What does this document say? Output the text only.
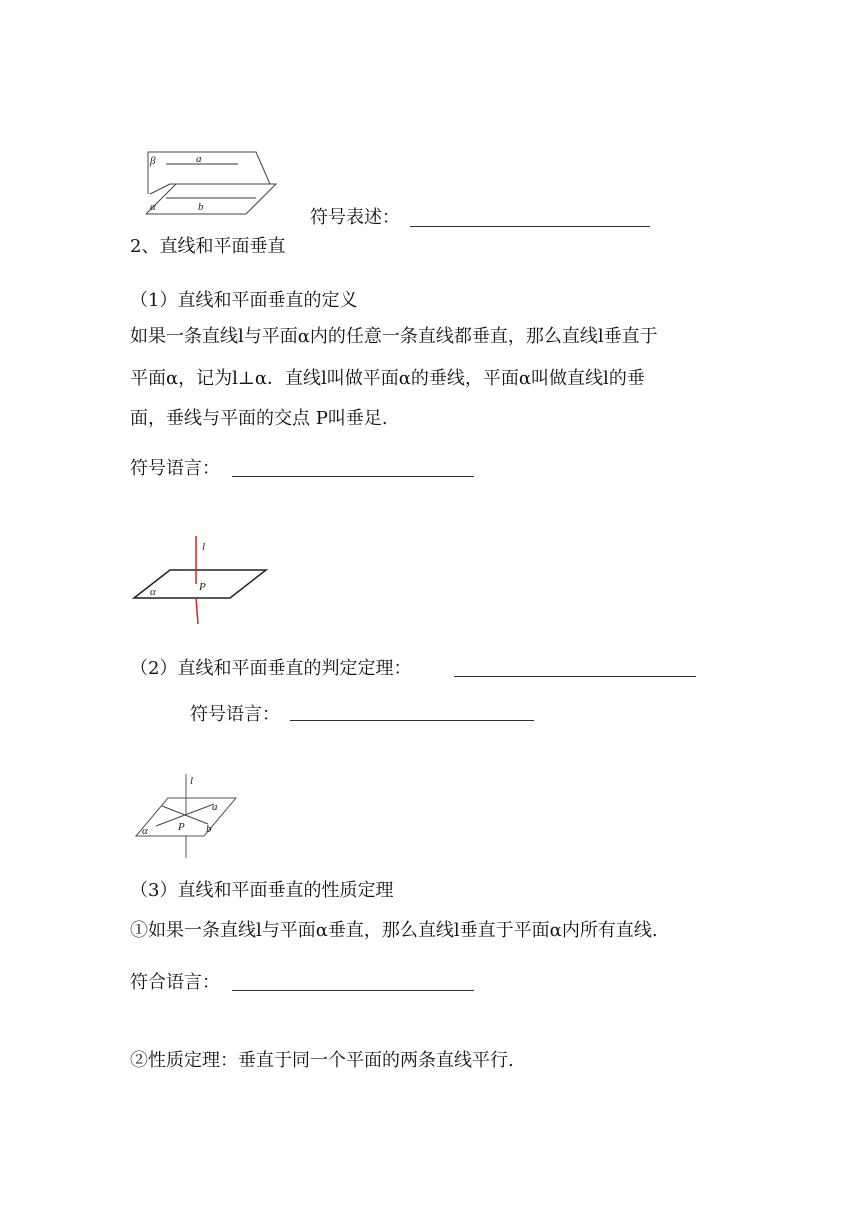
β	a
α	b	符号表述：
2、直线和平面垂直
（1）直线和平面垂直的定义
如果一条直线l与平面α内的任意一条直线都垂直，那么直线l垂直于
平面α，记为l⊥α．直线l叫做平面α的垂线，平面α叫做直线l的垂
面，垂线与平面的交点 P叫垂足.
符号语言：
l
P
α
（2）直线和平面垂直的判定定理：
符号语言：
l
a
P b
α
（3）直线和平面垂直的性质定理
①如果一条直线l与平面α垂直，那么直线l垂直于平面α内所有直线.
符合语言：
②性质定理：垂直于同一个平面的两条直线平行.
